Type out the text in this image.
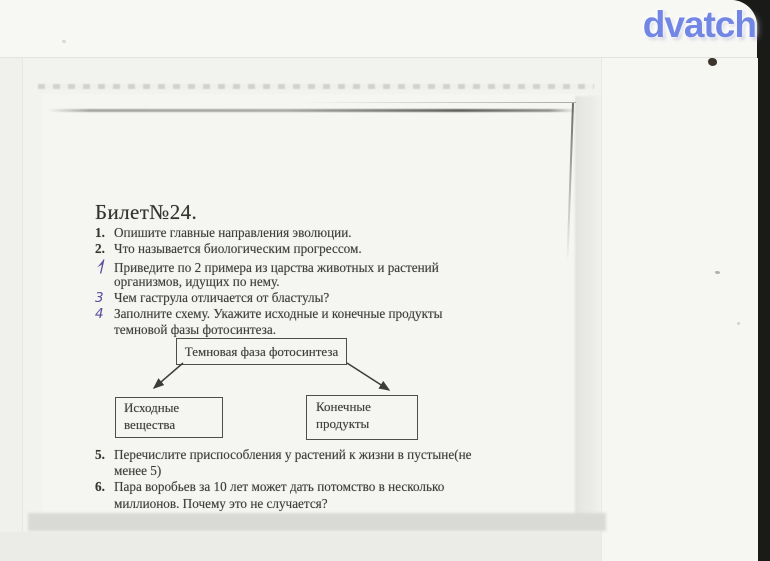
Билет№24.
1. Опишите главные направления эволюции.
2. Что называется биологическим прогрессом.
Приведите по 2 примера из царства животных и растений
организмов, идущих по нему.
3 Чем гаструла отличается от бластулы?
4 Заполните схему. Укажите исходные и конечные продукты
темновой фазы фотосинтеза.
Темновая фаза фотосинтеза
Исходные вещества
Конечные продукты
5. Перечислите приспособления у растений к жизни в пустыне(не
менее 5)
6. Пара воробьев за 10 лет может дать потомство в несколько
миллионов. Почему это не случается?
dvatch
